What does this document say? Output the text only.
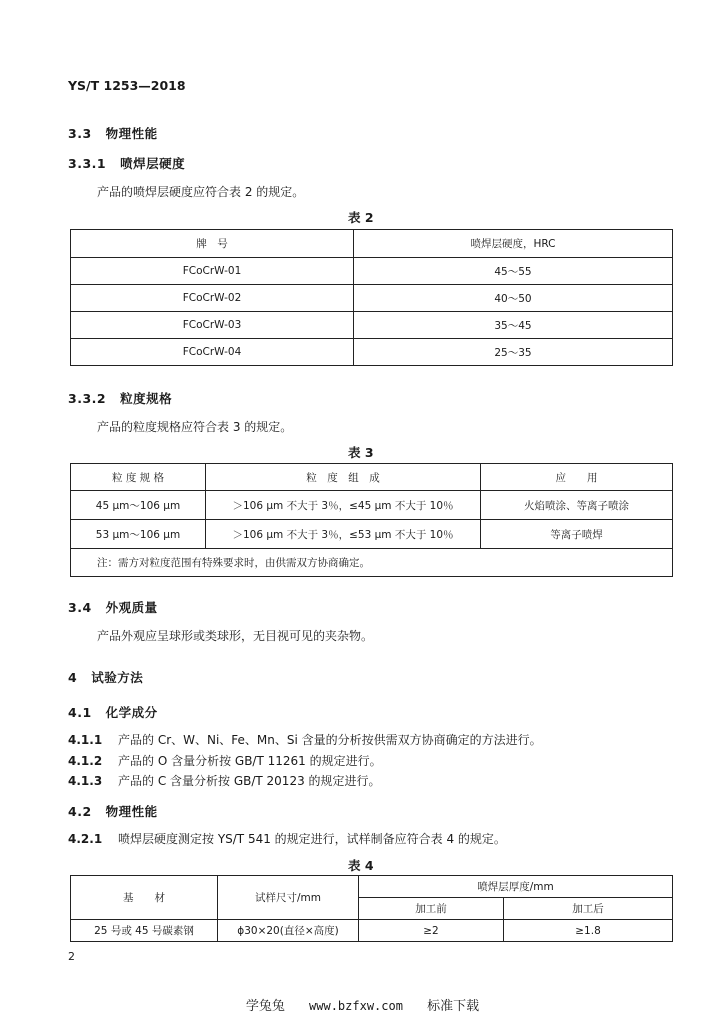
YS/T 1253—2018
3.3 物理性能
3.3.1 喷焊层硬度
产品的喷焊层硬度应符合表 2 的规定。
表 2
牌　号	喷焊层硬度，HRC
FCoCrW-01	45～55
FCoCrW-02	40～50
FCoCrW-03	35～45
FCoCrW-04	25～35
3.3.2 粒度规格
产品的粒度规格应符合表 3 的规定。
表 3
粒 度 规 格	粒　度　组　成	应　　用
45 μm～106 μm	＞106 μm 不大于 3％，≤45 μm 不大于 10％	火焰喷涂、等离子喷涂
53 μm～106 μm	＞106 μm 不大于 3％，≤53 μm 不大于 10％	等离子喷焊
注：需方对粒度范围有特殊要求时，由供需双方协商确定。		
3.4 外观质量
产品外观应呈球形或类球形，无目视可见的夹杂物。
4 试验方法
4.1 化学成分
4.1.1 产品的 Cr、W、Ni、Fe、Mn、Si 含量的分析按供需双方协商确定的方法进行。
4.1.2 产品的 O 含量分析按 GB/T 11261 的规定进行。
4.1.3 产品的 C 含量分析按 GB/T 20123 的规定进行。
4.2 物理性能
4.2.1 喷焊层硬度测定按 YS/T 541 的规定进行，试样制备应符合表 4 的规定。
表 4
基　　材	试样尺寸/mm	喷焊层厚度/mm	
		加工前	加工后
25 号或 45 号碳素钢	ϕ30×20(直径×高度)	≥2	≥1.8
2
学兔兔 www.bzfxw.com 标准下载
